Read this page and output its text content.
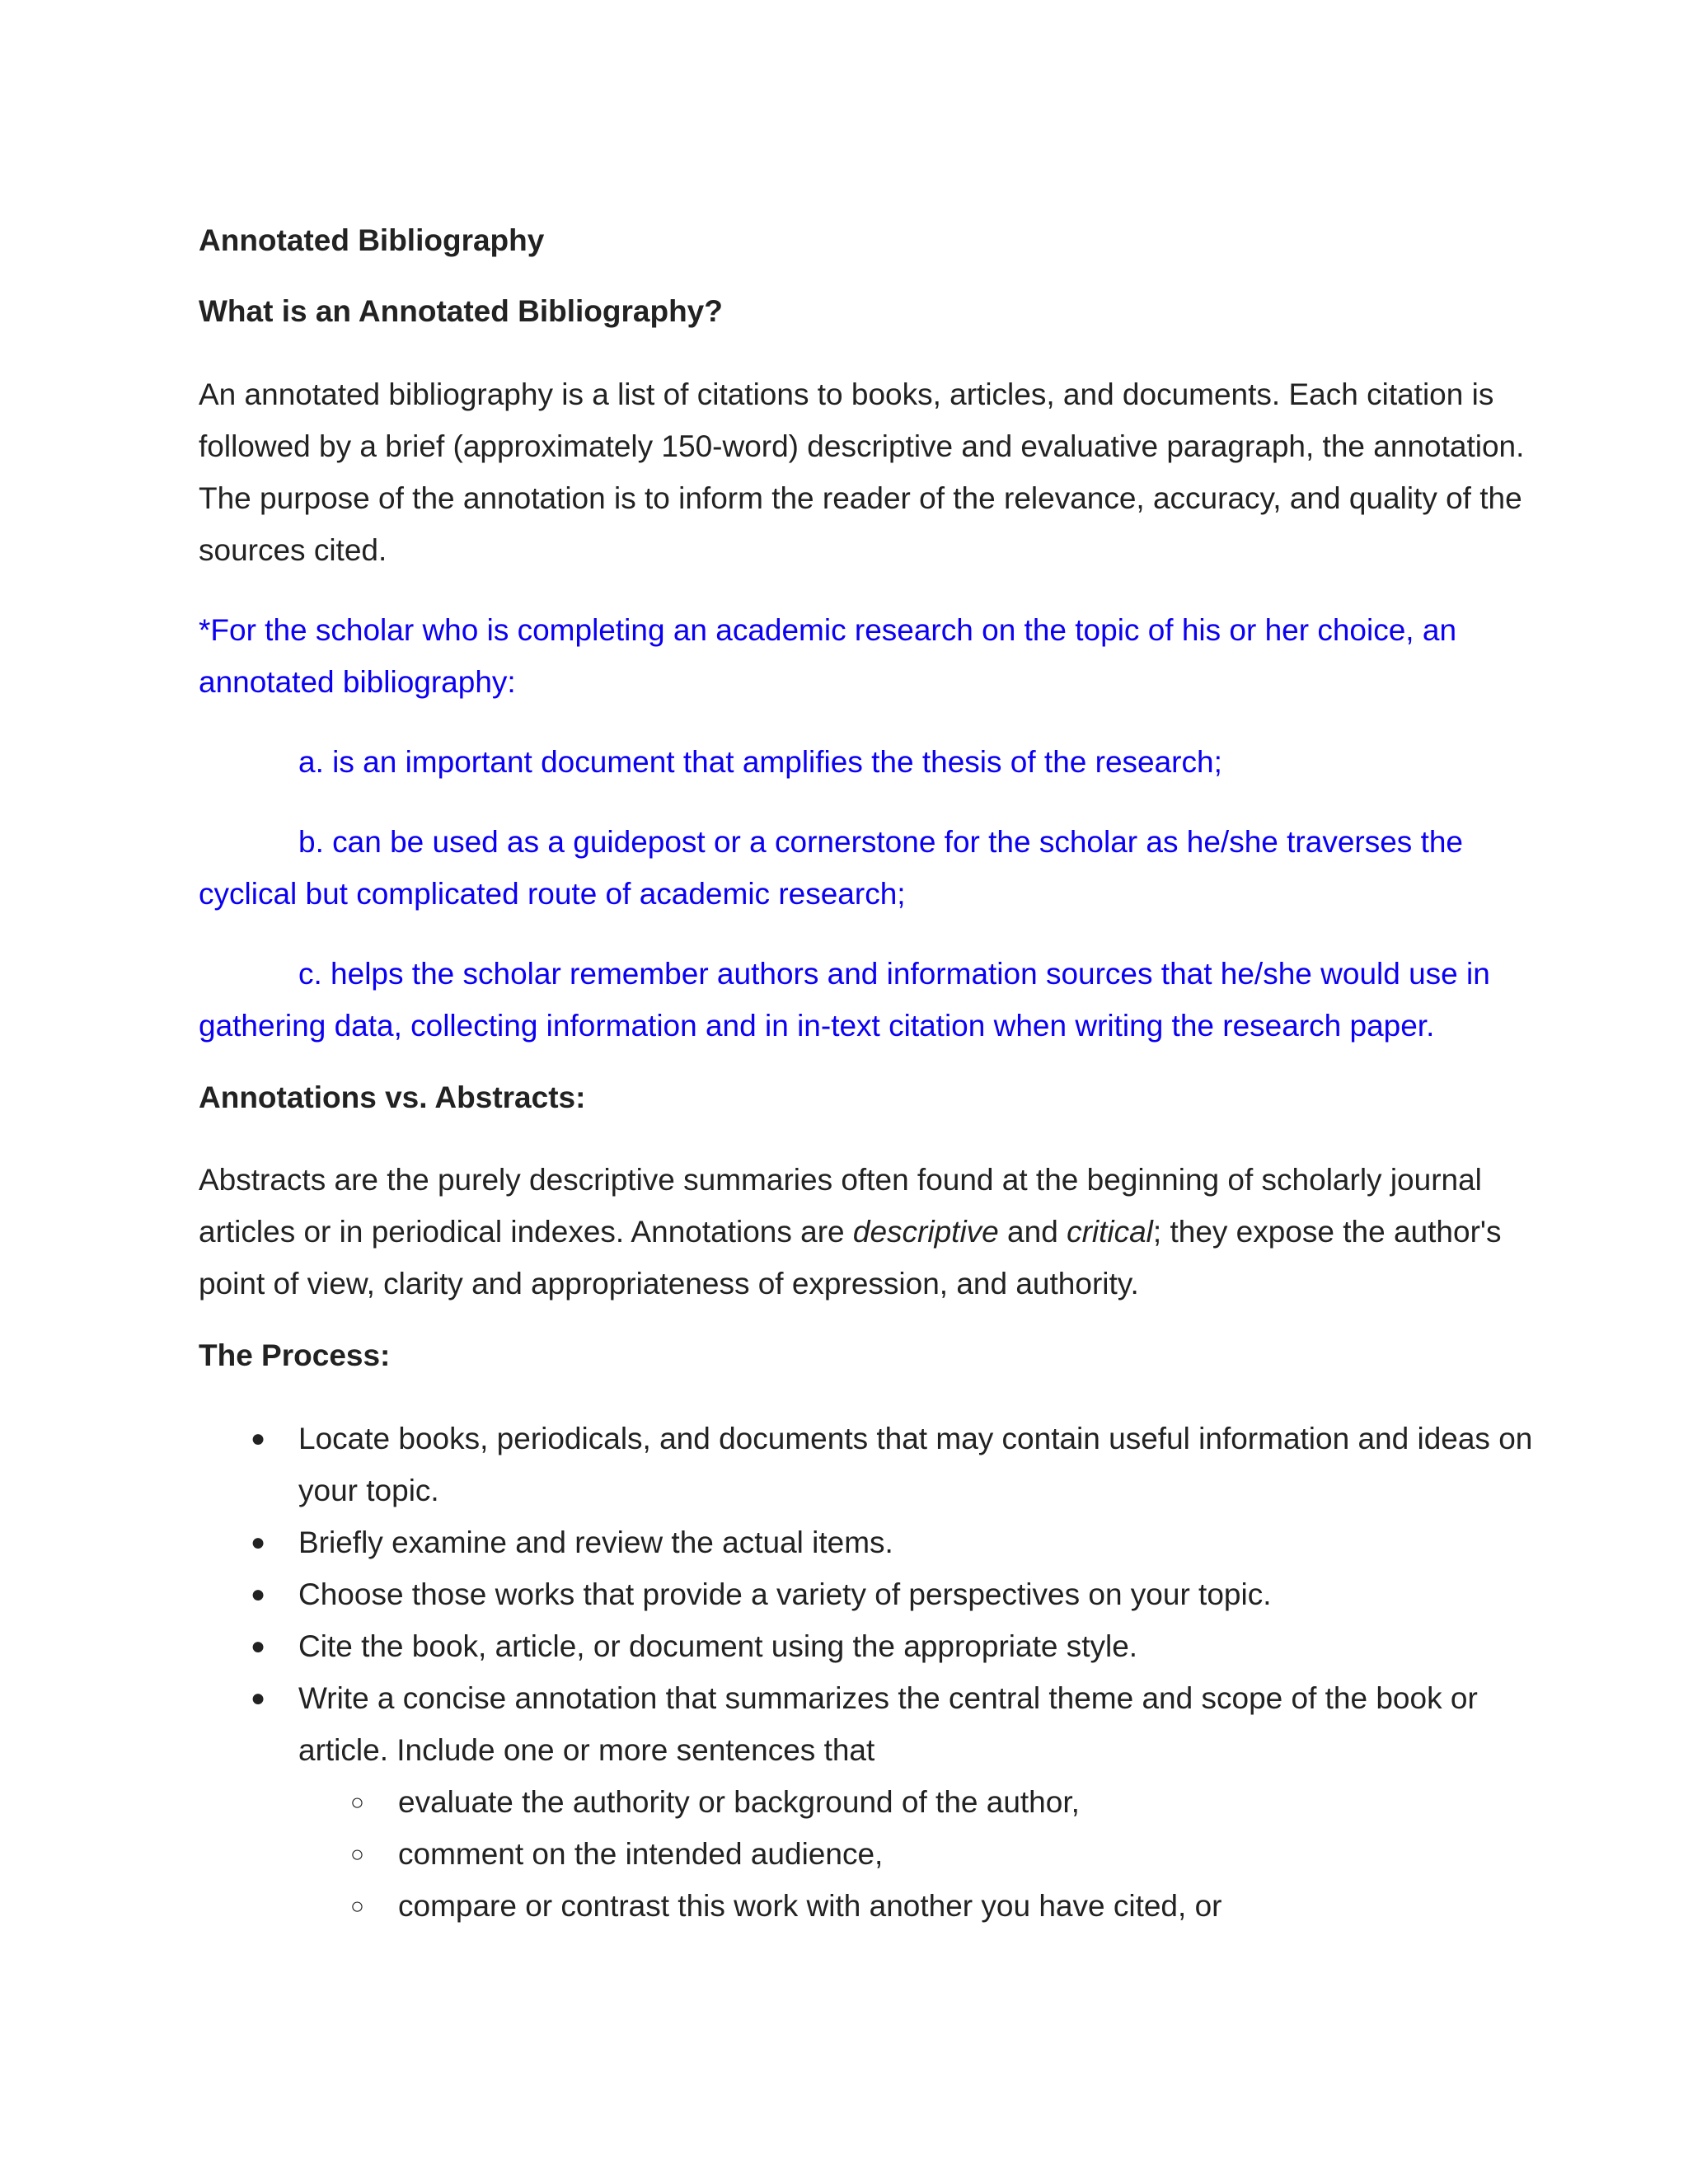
Annotated Bibliography
What is an Annotated Bibliography?

An annotated bibliography is a list of citations to books, articles, and documents. Each citation is followed by a brief (approximately 150-word) descriptive and evaluative paragraph, the annotation. The purpose of the annotation is to inform the reader of the relevance, accuracy, and quality of the sources cited.

*For the scholar who is completing an academic research on the topic of his or her choice, an annotated bibliography:

a. is an important document that amplifies the thesis of the research;

b. can be used as a guidepost or a cornerstone for the scholar as he/she traverses the cyclical but complicated route of academic research;

c. helps the scholar remember authors and information sources that he/she would use in gathering data, collecting information and in in-text citation when writing the research paper.

Annotations vs. Abstracts:

Abstracts are the purely descriptive summaries often found at the beginning of scholarly journal articles or in periodical indexes. Annotations are descriptive and critical; they expose the author's point of view, clarity and appropriateness of expression, and authority.

The Process:
● Locate books, periodicals, and documents that may contain useful information and ideas on your topic.
● Briefly examine and review the actual items.
● Choose those works that provide a variety of perspectives on your topic.
● Cite the book, article, or document using the appropriate style.
● Write a concise annotation that summarizes the central theme and scope of the book or article. Include one or more sentences that
○ evaluate the authority or background of the author,
○ comment on the intended audience,
○ compare or contrast this work with another you have cited, or
